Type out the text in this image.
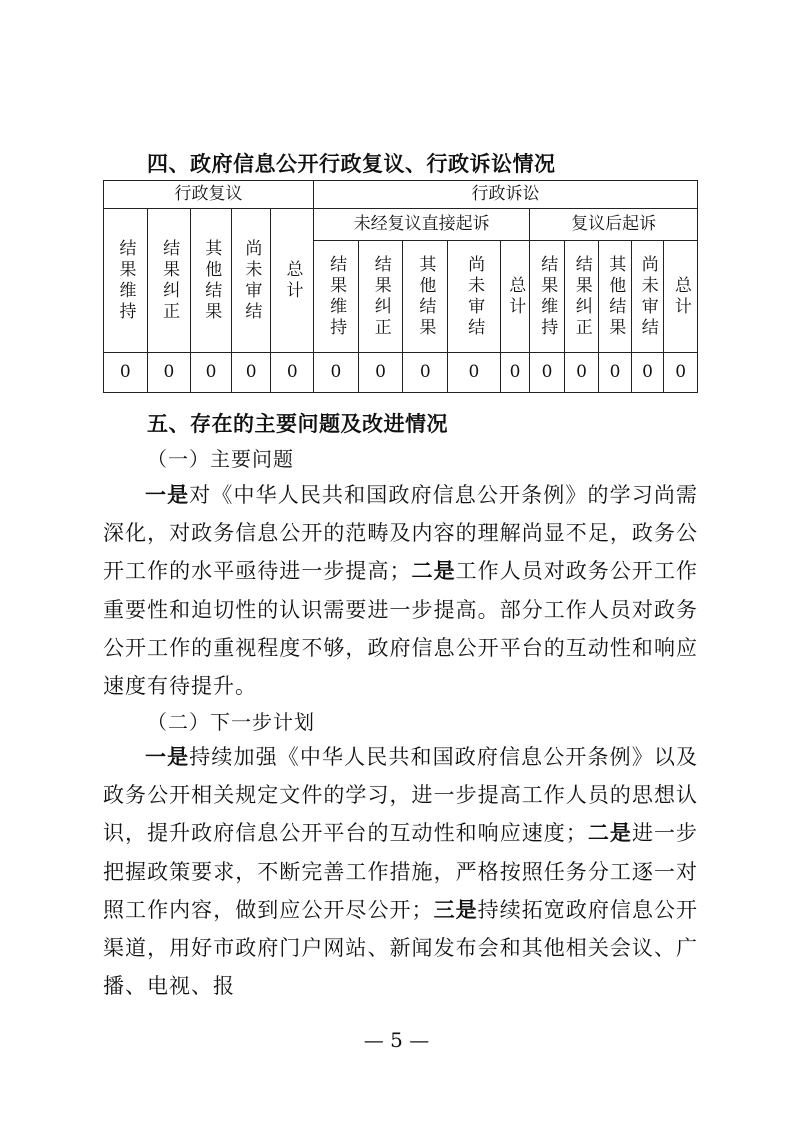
四、政府信息公开行政复议、行政诉讼情况
行政复议					行政诉讼									

结果维持	结果纠正	其他结果	尚未审结	总计	未经复议直接起诉					复议后起诉				

					结果维持	结果纠正	其他结果	尚未审结	总计	结果维持	结果纠正	其他结果	尚未审结	总计

0	0	0	0	0	0	0	0	0	0	0	0	0	0	0
五、存在的主要问题及改进情况
（一）主要问题
一是对《中华人民共和国政府信息公开条例》的学习尚需深化，对政务信息公开的范畴及内容的理解尚显不足，政务公开工作的水平亟待进一步提高；二是工作人员对政务公开工作重要性和迫切性的认识需要进一步提高。部分工作人员对政务公开工作的重视程度不够，政府信息公开平台的互动性和响应速度有待提升。
（二）下一步计划
一是持续加强《中华人民共和国政府信息公开条例》以及政务公开相关规定文件的学习，进一步提高工作人员的思想认识，提升政府信息公开平台的互动性和响应速度；二是进一步把握政策要求，不断完善工作措施，严格按照任务分工逐一对照工作内容，做到应公开尽公开；三是持续拓宽政府信息公开渠道，用好市政府门户网站、新闻发布会和其他相关会议、广播、电视、报
— 5 —
